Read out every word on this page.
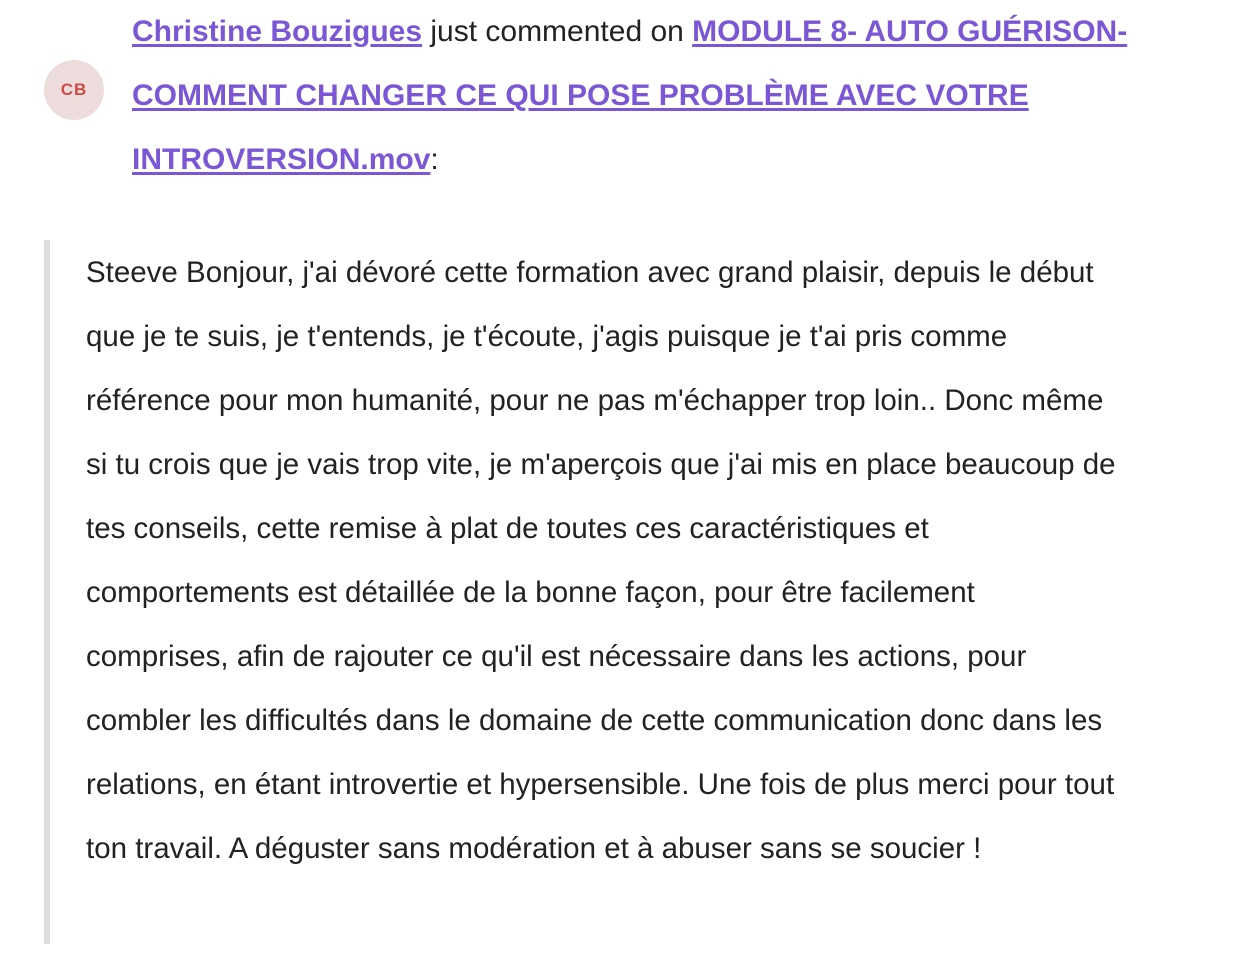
CB
Christine Bouzigues just commented on MODULE 8- AUTO GUÉRISON- COMMENT CHANGER CE QUI POSE PROBLÈME AVEC VOTRE INTROVERSION.mov:

Steeve Bonjour, j'ai dévoré cette formation avec grand plaisir, depuis le début que je te suis, je t'entends, je t'écoute, j'agis puisque je t'ai pris comme référence pour mon humanité, pour ne pas m'échapper trop loin.. Donc même si tu crois que je vais trop vite, je m'aperçois que j'ai mis en place beaucoup de tes conseils, cette remise à plat de toutes ces caractéristiques et comportements est détaillée de la bonne façon, pour être facilement comprises, afin de rajouter ce qu'il est nécessaire dans les actions, pour combler les difficultés dans le domaine de cette communication donc dans les relations, en étant introvertie et hypersensible. Une fois de plus merci pour tout ton travail. A déguster sans modération et à abuser sans se soucier !
